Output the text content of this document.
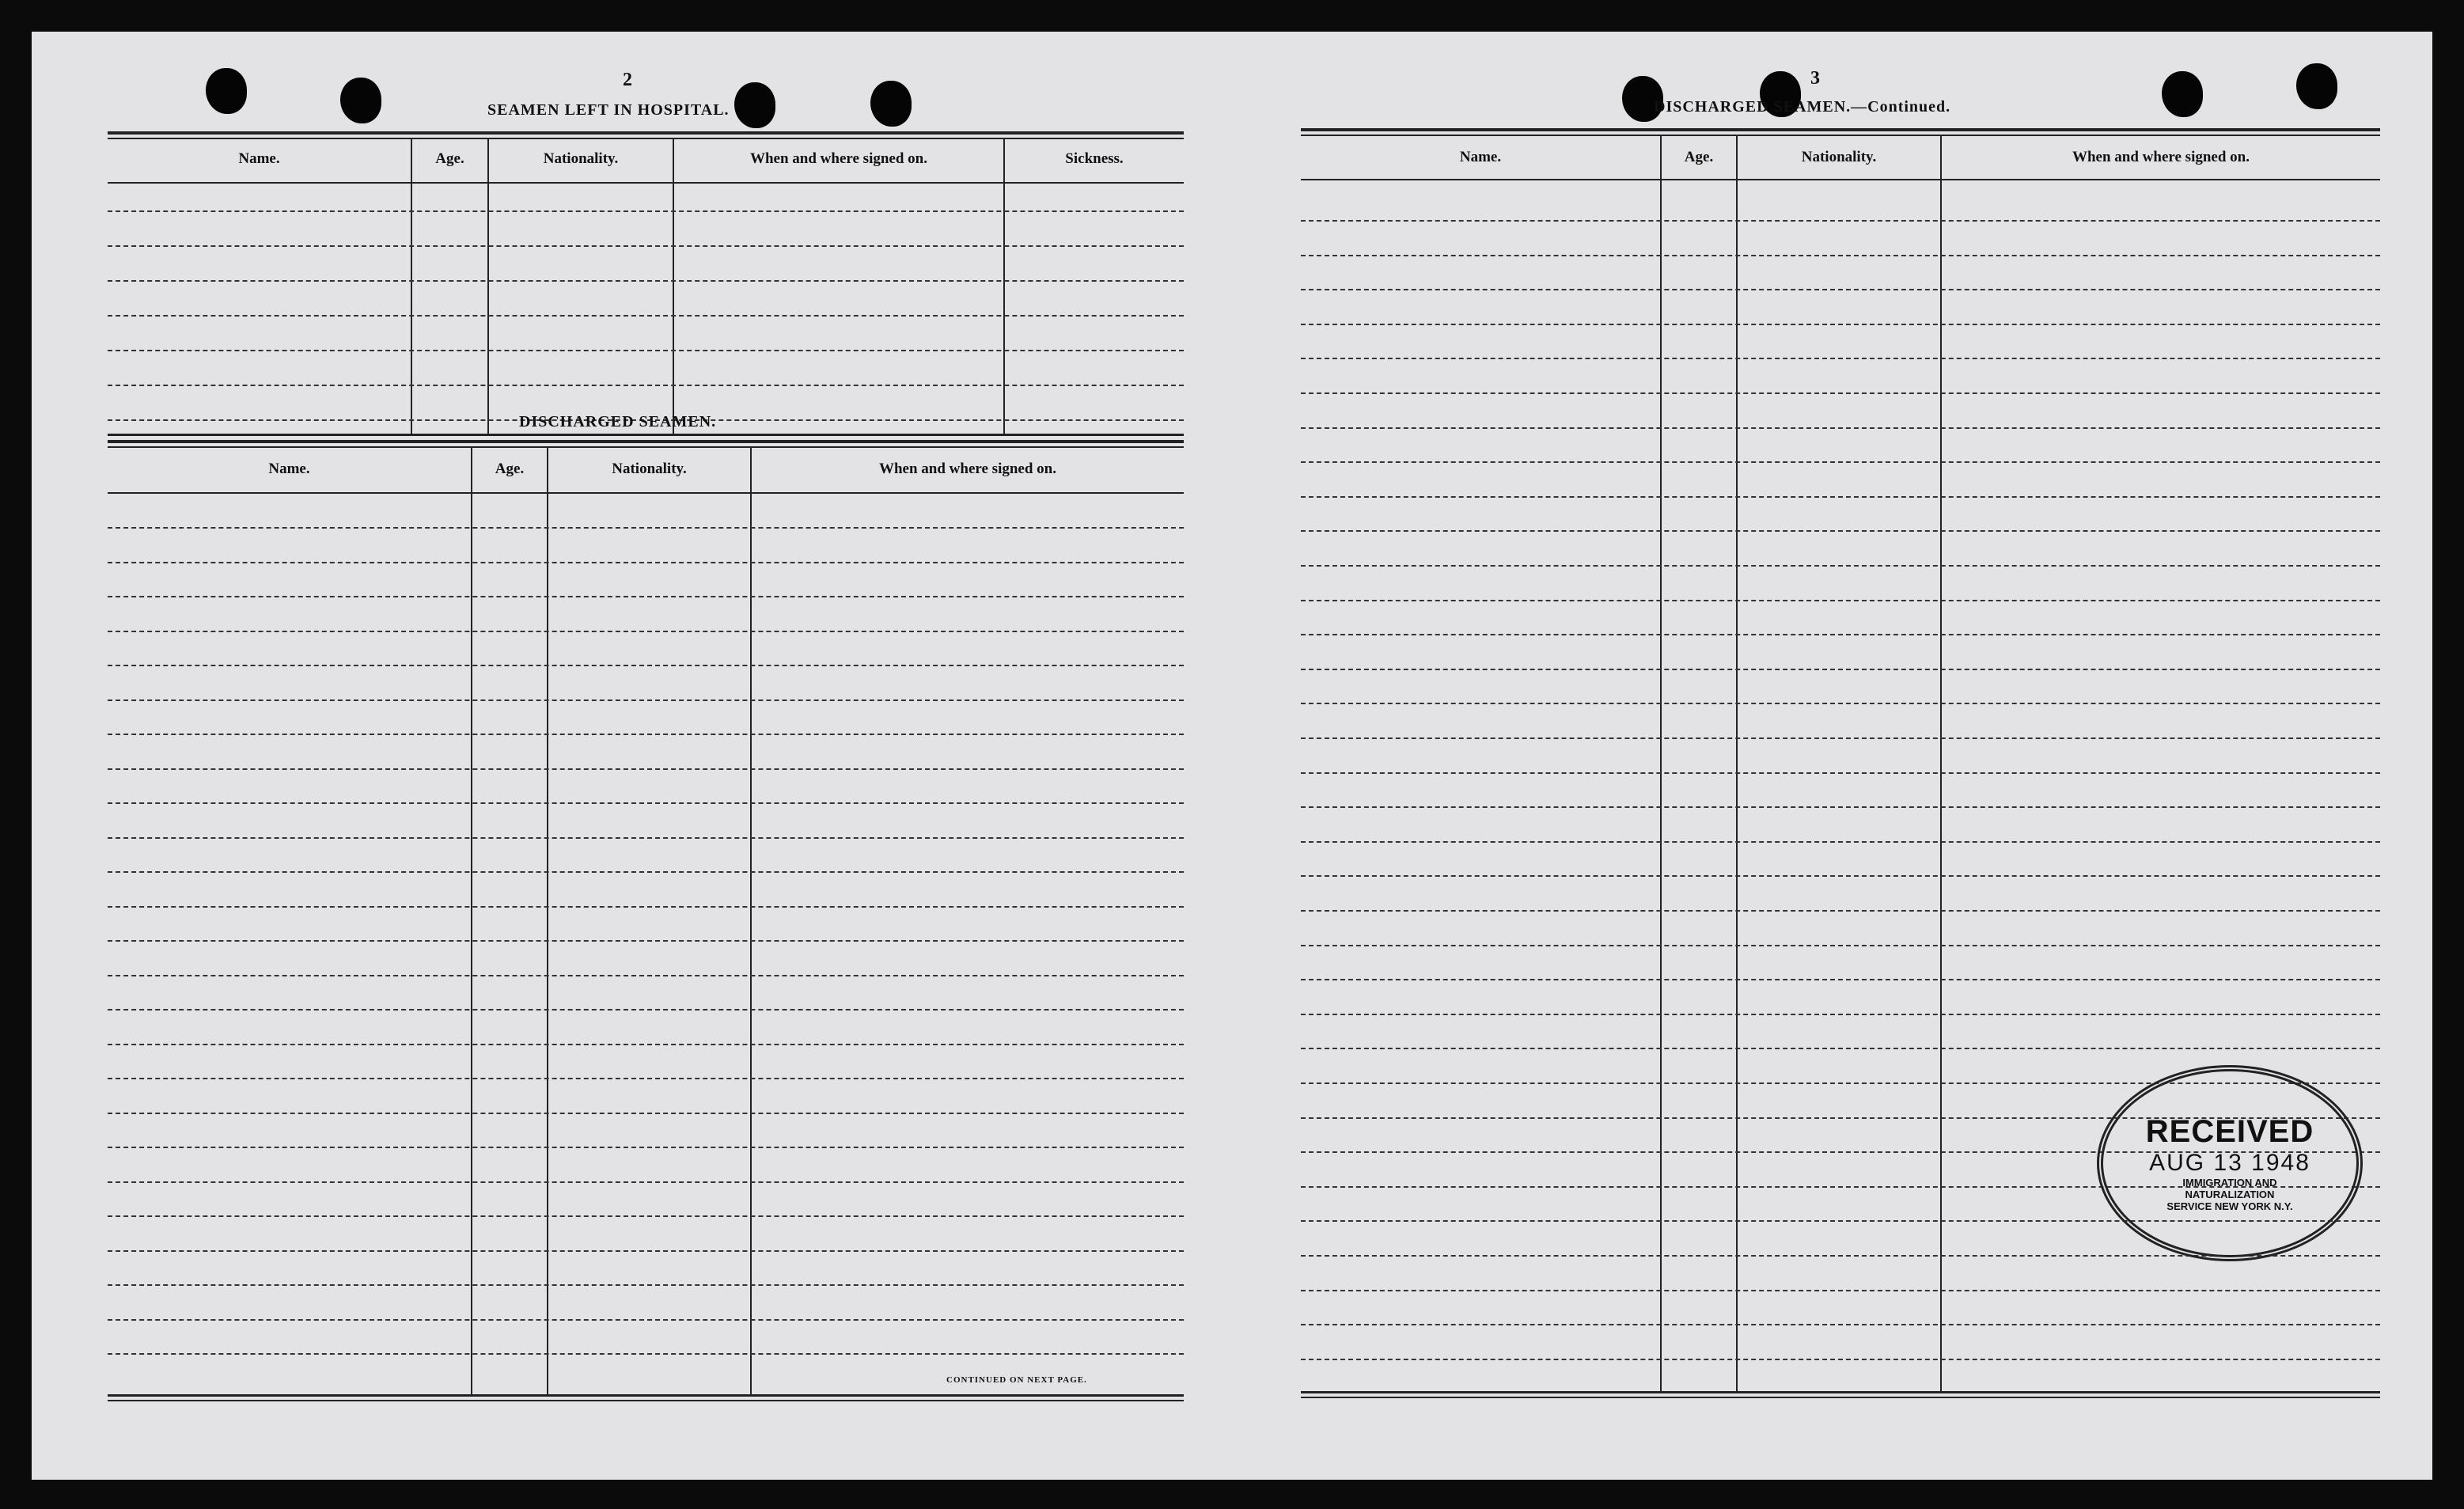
2
SEAMEN LEFT IN HOSPITAL.
Name.	Age.	Nationality.	When and where signed on.	Sickness.
DISCHARGED SEAMEN.
Name.	Age.	Nationality.	When and where signed on.
CONTINUED ON NEXT PAGE.
3
DISCHARGED SEAMEN.—Continued.
Name.	Age.	Nationality.	When and where signed on.
RECEIVED
AUG 13 1948
IMMIGRATION AND NATURALIZATION SERVICE NEW YORK N.Y.
